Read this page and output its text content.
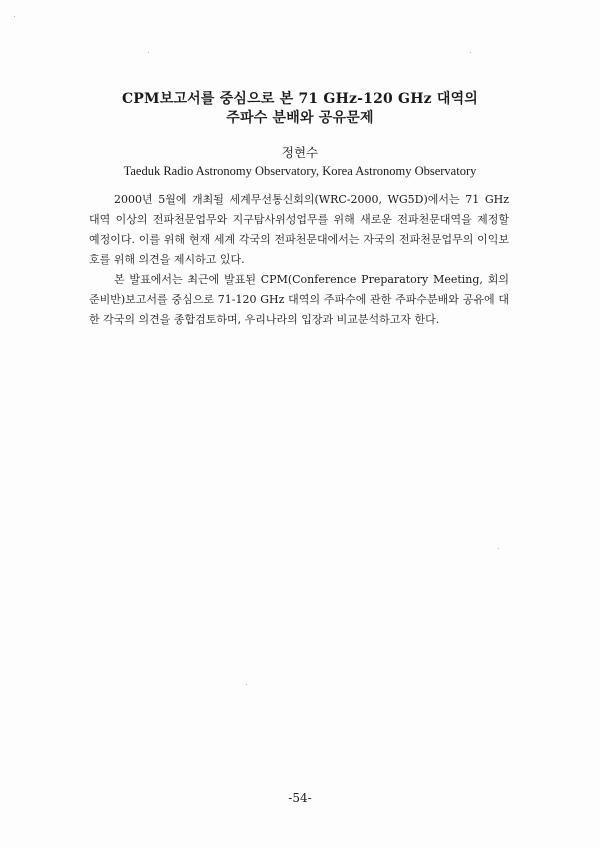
CPM보고서를 중심으로 본 71 GHz-120 GHz 대역의

주파수 분배와 공유문제

정현수
Taeduk Radio Astronomy Observatory, Korea Astronomy Observatory

2000년 5월에 개최될 세계무선통신회의(WRC-2000, WG5D)에서는 71 GHz 대역 이상의 전파천문업무와 지구탐사위성업무를 위해 새로운 전파천문대역을 제정할 예정이다. 이를 위해 현재 세계 각국의 전파천문대에서는 자국의 전파천문업무의 이익보호를 위해 의견을 제시하고 있다.

본 발표에서는 최근에 발표된 CPM(Conference Preparatory Meeting, 회의준비반)보고서를 중심으로 71-120 GHz 대역의 주파수에 관한 주파수분배와 공유에 대한 각국의 의견을 종합검토하며, 우리나라의 입장과 비교분석하고자 한다.

-54-
